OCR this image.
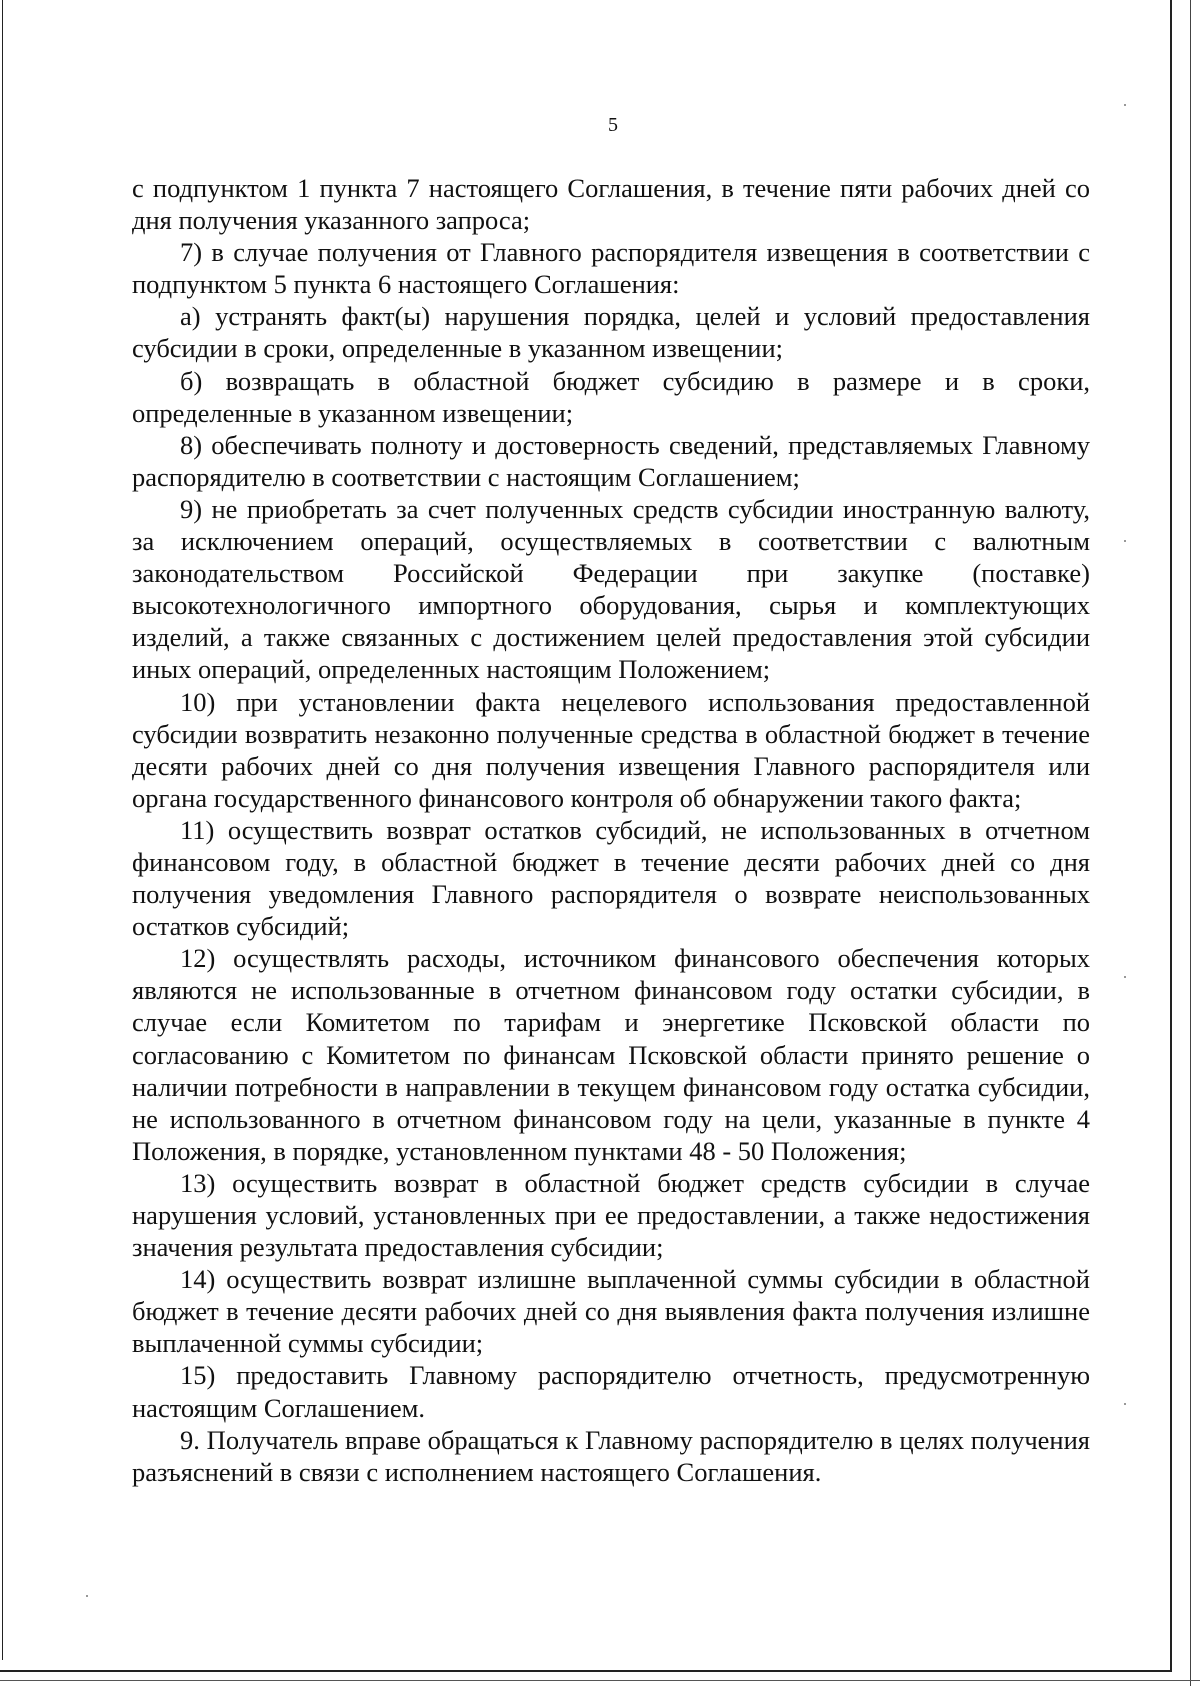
5

с подпунктом 1 пункта 7 настоящего Соглашения, в течение пяти рабочих дней со дня получения указанного запроса;

7) в случае получения от Главного распорядителя извещения в соответствии с подпунктом 5 пункта 6 настоящего Соглашения:

а) устранять факт(ы) нарушения порядка, целей и условий предоставления субсидии в сроки, определенные в указанном извещении;

б) возвращать в областной бюджет субсидию в размере и в сроки, определенные в указанном извещении;

8) обеспечивать полноту и достоверность сведений, представляемых Главному распорядителю в соответствии с настоящим Соглашением;

9) не приобретать за счет полученных средств субсидии иностранную валюту, за исключением операций, осуществляемых в соответствии с валютным законодательством Российской Федерации при закупке (поставке) высокотехнологичного импортного оборудования, сырья и комплектующих изделий, а также связанных с достижением целей предоставления этой субсидии иных операций, определенных настоящим Положением;

10) при установлении факта нецелевого использования предоставленной субсидии возвратить незаконно полученные средства в областной бюджет в течение десяти рабочих дней со дня получения извещения Главного распорядителя или органа государственного финансового контроля об обнаружении такого факта;

11) осуществить возврат остатков субсидий, не использованных в отчетном финансовом году, в областной бюджет в течение десяти рабочих дней со дня получения уведомления Главного распорядителя о возврате неиспользованных остатков субсидий;

12) осуществлять расходы, источником финансового обеспечения которых являются не использованные в отчетном финансовом году остатки субсидии, в случае если Комитетом по тарифам и энергетике Псковской области по согласованию с Комитетом по финансам Псковской области принято решение о наличии потребности в направлении в текущем финансовом году остатка субсидии, не использованного в отчетном финансовом году на цели, указанные в пункте 4 Положения, в порядке, установленном пунктами 48 - 50 Положения;

13) осуществить возврат в областной бюджет средств субсидии в случае нарушения условий, установленных при ее предоставлении, а также недостижения значения результата предоставления субсидии;

14) осуществить возврат излишне выплаченной суммы субсидии в областной бюджет в течение десяти рабочих дней со дня выявления факта получения излишне выплаченной суммы субсидии;

15) предоставить Главному распорядителю отчетность, предусмотренную настоящим Соглашением.

9. Получатель вправе обращаться к Главному распорядителю в целях получения разъяснений в связи с исполнением настоящего Соглашения.
